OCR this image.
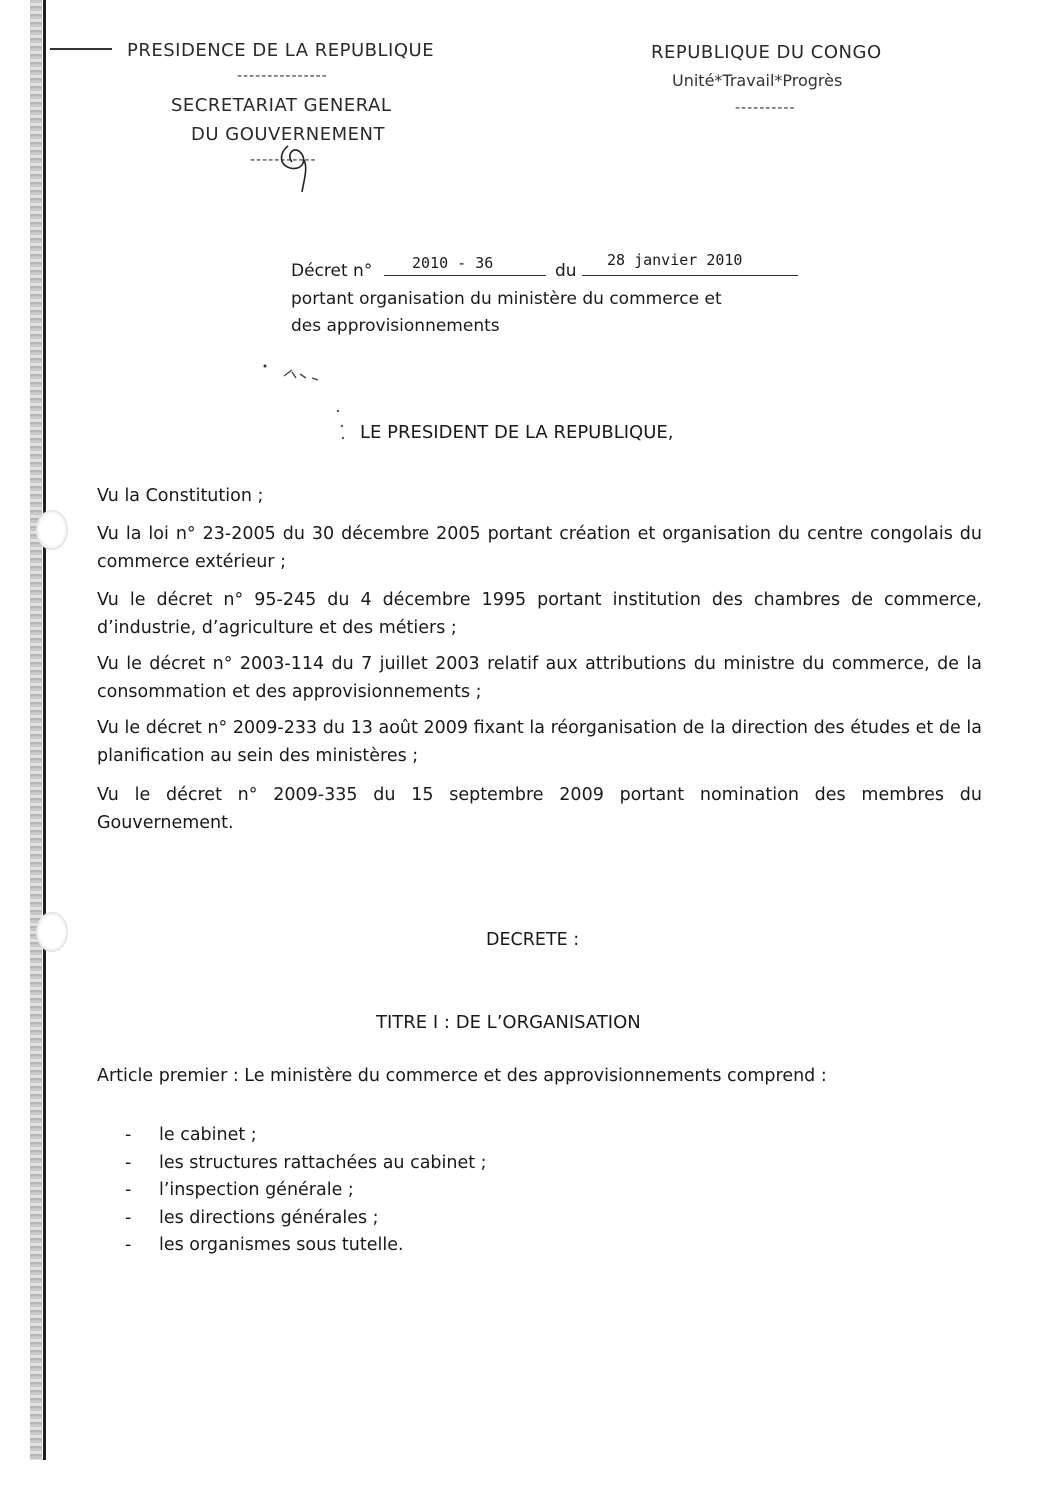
PRESIDENCE DE LA REPUBLIQUE
---------------
SECRETARIAT GENERAL
DU GOUVERNEMENT
-----------
REPUBLIQUE DU CONGO
Unité*Travail*Progrès
----------
Décret n°	2010 - 36	du
28 janvier 2010
portant organisation du ministère du commerce et
des approvisionnements
LE PRESIDENT DE LA REPUBLIQUE,
Vu la Constitution ;
Vu la loi n° 23-2005 du 30 décembre 2005 portant création et organisation du centre congolais du commerce extérieur ;
Vu le décret n° 95-245 du 4 décembre 1995 portant institution des chambres de commerce, d’industrie, d’agriculture et des métiers ;
Vu le décret n° 2003-114 du 7 juillet 2003 relatif aux attributions du ministre du commerce, de la consommation et des approvisionnements ;
Vu le décret n° 2009-233 du 13 août 2009 fixant la réorganisation de la direction des études et de la planification au sein des ministères ;
Vu le décret n° 2009-335 du 15 septembre 2009 portant nomination des membres du Gouvernement.
DECRETE :
TITRE I : DE L’ORGANISATION
Article premier : Le ministère du commerce et des approvisionnements comprend :
- le cabinet ;
- les structures rattachées au cabinet ;
- l’inspection générale ;
- les directions générales ;
- les organismes sous tutelle.
